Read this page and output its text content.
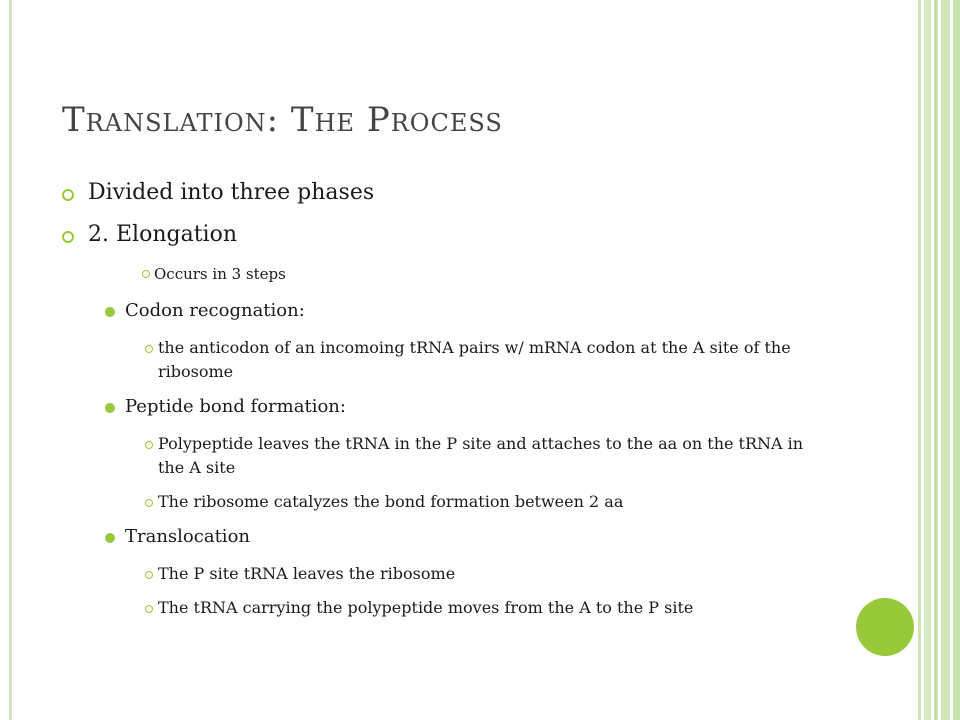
Translation: The Process

Divided into three phases

2. Elongation

Occurs in 3 steps

Codon recognation:

the anticodon of an incomoing tRNA pairs w/ mRNA codon at the A site of the ribosome

Peptide bond formation:

Polypeptide leaves the tRNA in the P site and attaches to the aa on the tRNA in the A site

The ribosome catalyzes the bond formation between 2 aa

Translocation

The P site tRNA leaves the ribosome

The tRNA carrying the polypeptide moves from the A to the P site
